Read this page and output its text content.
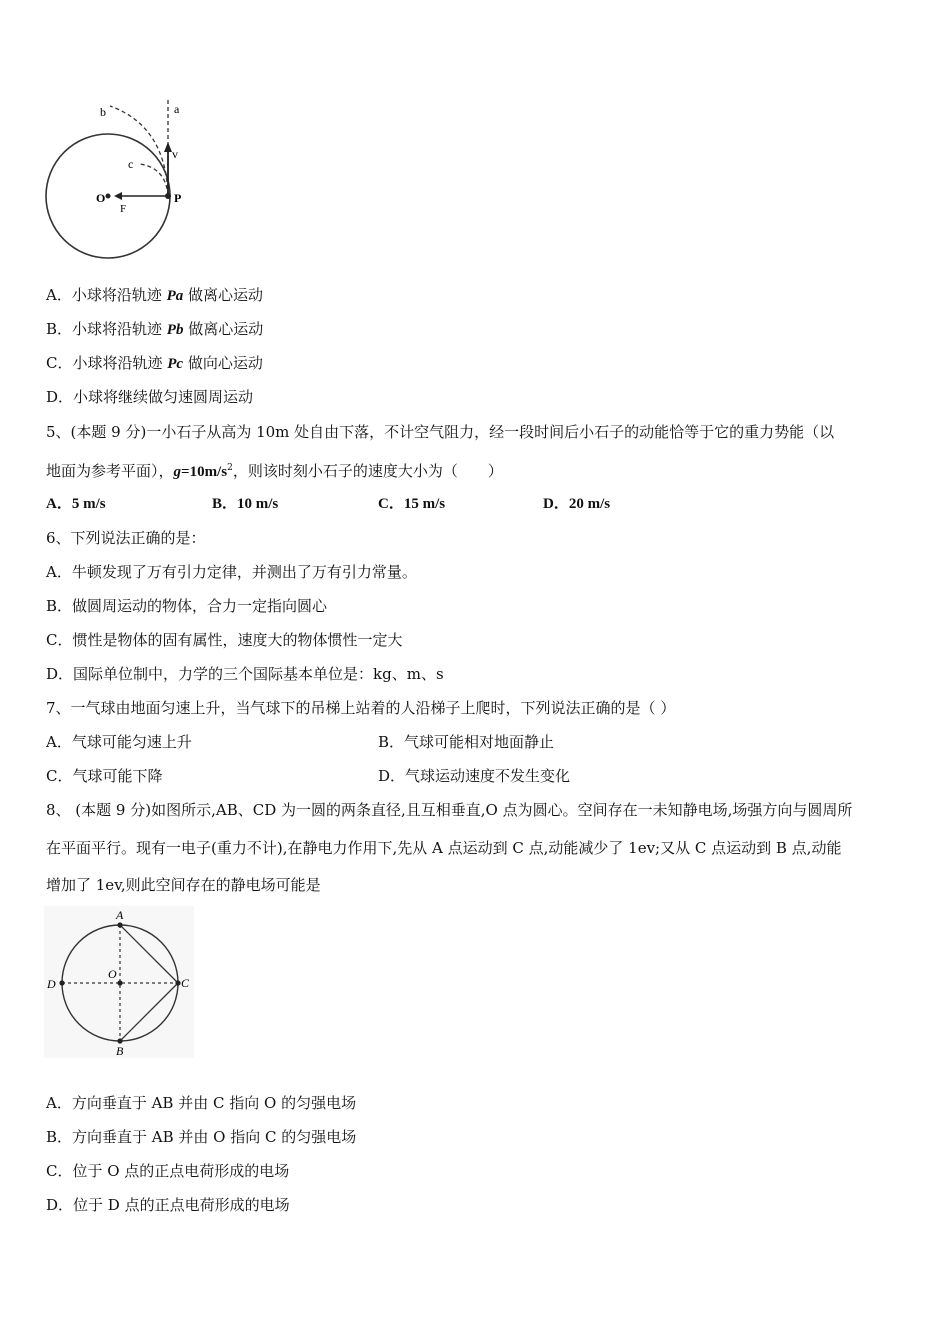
a
b
c
v
O
F
P
A．小球将沿轨迹 Pa 做离心运动
B．小球将沿轨迹 Pb 做离心运动
C．小球将沿轨迹 Pc 做向心运动
D．小球将继续做匀速圆周运动
5、(本题 9 分)一小石子从高为 10m 处自由下落，不计空气阻力，经一段时间后小石子的动能恰等于它的重力势能（以
地面为参考平面），$g=10m/s^2$，则该时刻小石子的速度大小为（　　）
A．5 m/s	B．10 m/s	C．15 m/s	D．20 m/s
6、下列说法正确的是：
A．牛顿发现了万有引力定律，并测出了万有引力常量。
B．做圆周运动的物体，合力一定指向圆心
C．惯性是物体的固有属性，速度大的物体惯性一定大
D．国际单位制中，力学的三个国际基本单位是：kg、m、s
7、一气球由地面匀速上升，当气球下的吊梯上站着的人沿梯子上爬时，下列说法正确的是（ ）
A．气球可能匀速上升	B．气球可能相对地面静止
C．气球可能下降	D．气球运动速度不发生变化
8、 (本题 9 分)如图所示,AB、CD 为一圆的两条直径,且互相垂直,O 点为圆心。空间存在一未知静电场,场强方向与圆周所
在平面平行。现有一电子(重力不计),在静电力作用下,先从 A 点运动到 C 点,动能减少了 1ev;又从 C 点运动到 B 点,动能
增加了 1ev,则此空间存在的静电场可能是
A
B
C
D
O
A．方向垂直于 AB 并由 C 指向 O 的匀强电场
B．方向垂直于 AB 并由 O 指向 C 的匀强电场
C．位于 O 点的正点电荷形成的电场
D．位于 D 点的正点电荷形成的电场
